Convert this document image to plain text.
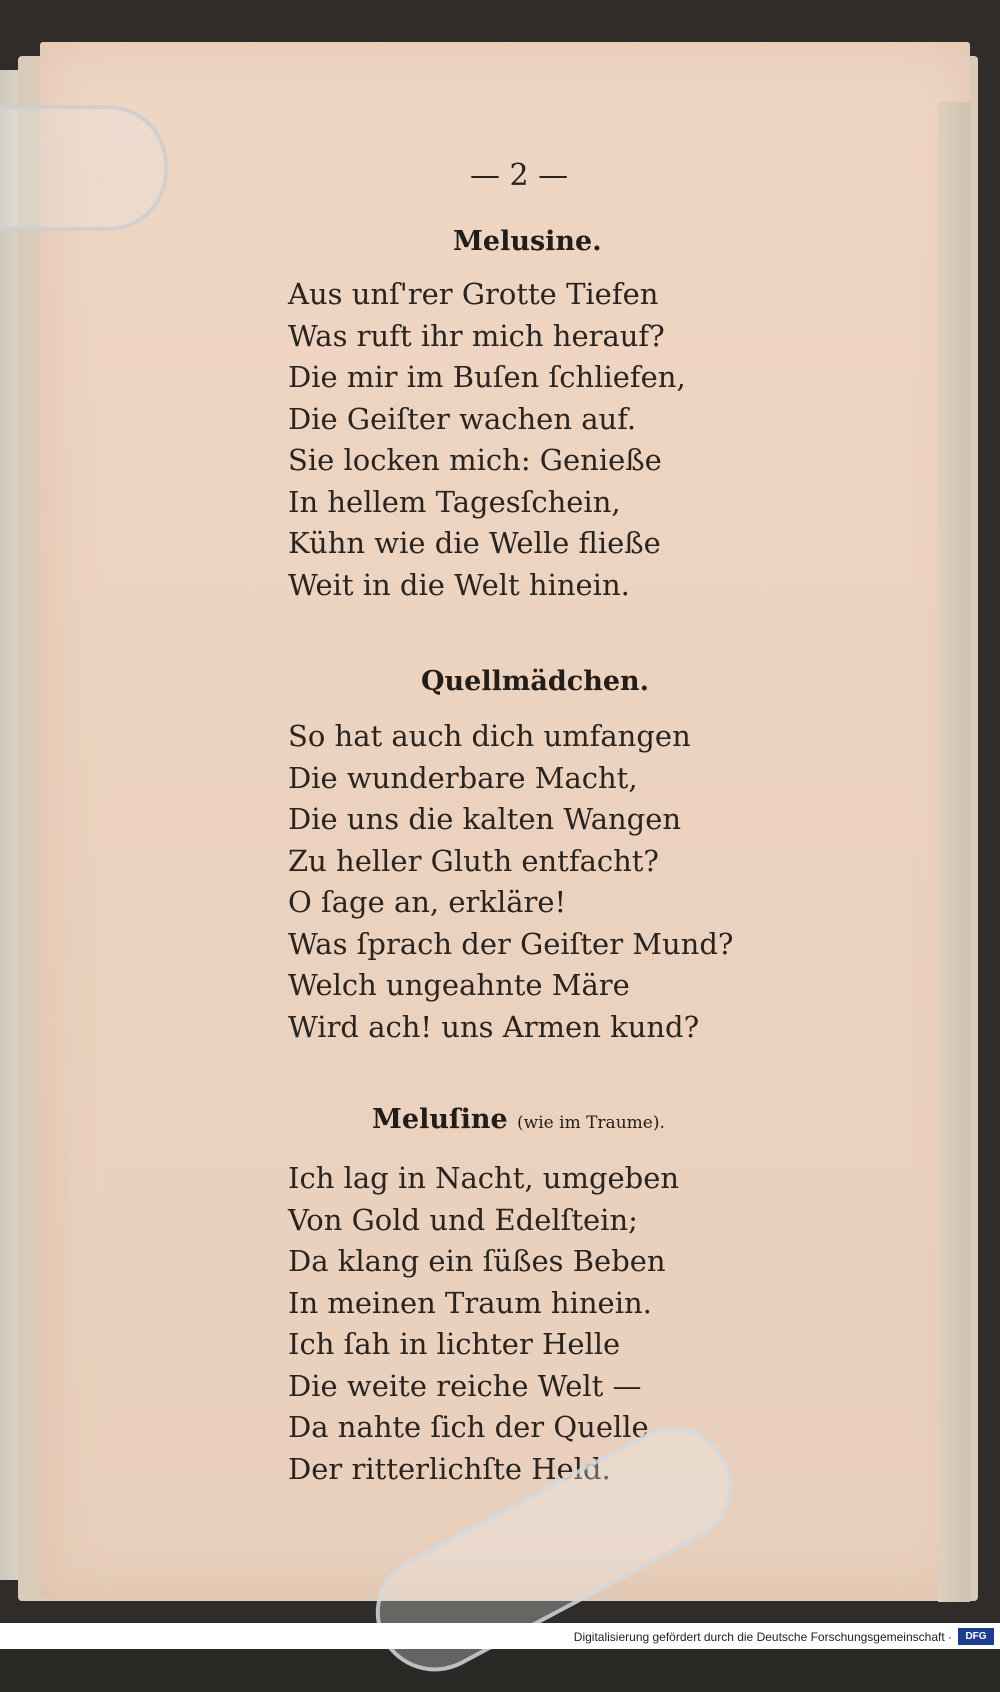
— 2 —
Melusine.
Aus unſ'rer Grotte Tiefen
Was ruft ihr mich herauf?
Die mir im Buſen ſchliefen,
Die Geiſter wachen auf.
Sie locken mich: Genieße
In hellem Tagesſchein,
Kühn wie die Welle fließe
Weit in die Welt hinein.
Quellmädchen.
So hat auch dich umfangen
Die wunderbare Macht,
Die uns die kalten Wangen
Zu heller Gluth entfacht?
O ſage an, erkläre!
Was ſprach der Geiſter Mund?
Welch ungeahnte Märe
Wird ach! uns Armen kund?
Meluſine (wie im Traume).
Ich lag in Nacht, umgeben
Von Gold und Edelſtein;
Da klang ein ſüßes Beben
In meinen Traum hinein.
Ich ſah in lichter Helle
Die weite reiche Welt —
Da nahte ſich der Quelle
Der ritterlichſte Held.
Digitalisierung gefördert durch die Deutsche Forschungsgemeinschaft ·	DFG
